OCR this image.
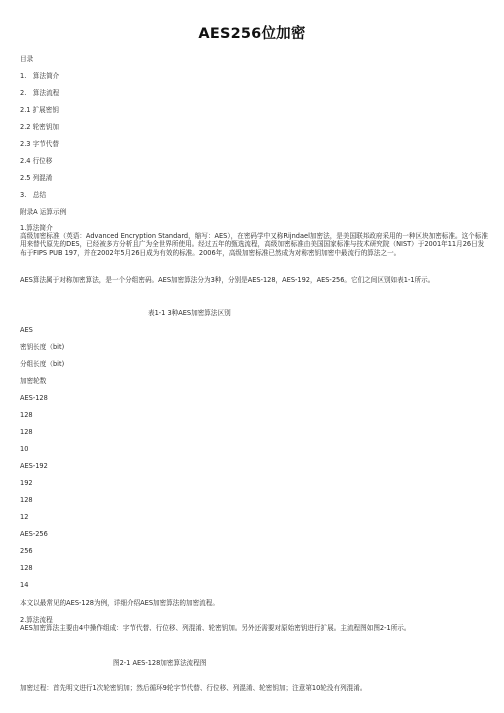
AES256位加密
目录
1.　算法简介
2.　算法流程
2.1 扩展密钥
2.2 轮密钥加
2.3 字节代替
2.4 行位移
2.5 列混淆
3.　总结
附录A 运算示例
1.算法简介
高级加密标准（英语：Advanced Encryption Standard，缩写：AES），在密码学中又称Rijndael加密法，是美国联邦政府采用的一种区块加密标准。这个标准用来替代原先的DES，已经被多方分析且广为全世界所使用。经过五年的甄选流程，高级加密标准由美国国家标准与技术研究院（NIST）于2001年11月26日发布于FIPS PUB 197，并在2002年5月26日成为有效的标准。2006年，高级加密标准已然成为对称密钥加密中最流行的算法之一。
AES算法属于对称加密算法，是一个分组密码。AES加密算法分为3种，分别是AES-128，AES-192，AES-256。它们之间区别如表1-1所示。
表1-1 3种AES加密算法区别
AES
密钥长度（bit)
分组长度（bit)
加密轮数
AES-128
128
128
10
AES-192
192
128
12
AES-256
256
128
14
本文以最常见的AES-128为例，详细介绍AES加密算法的加密流程。
2.算法流程
AES加密算法主要由4中操作组成：字节代替、行位移、列混淆、轮密钥加。另外还需要对原始密钥进行扩展。主流程图如图2-1所示。
图2-1 AES-128加密算法流程图
加密过程：首先明文进行1次轮密钥加；然后循环9轮字节代替、行位移、列混淆、轮密钥加；注意第10轮没有列混淆。
